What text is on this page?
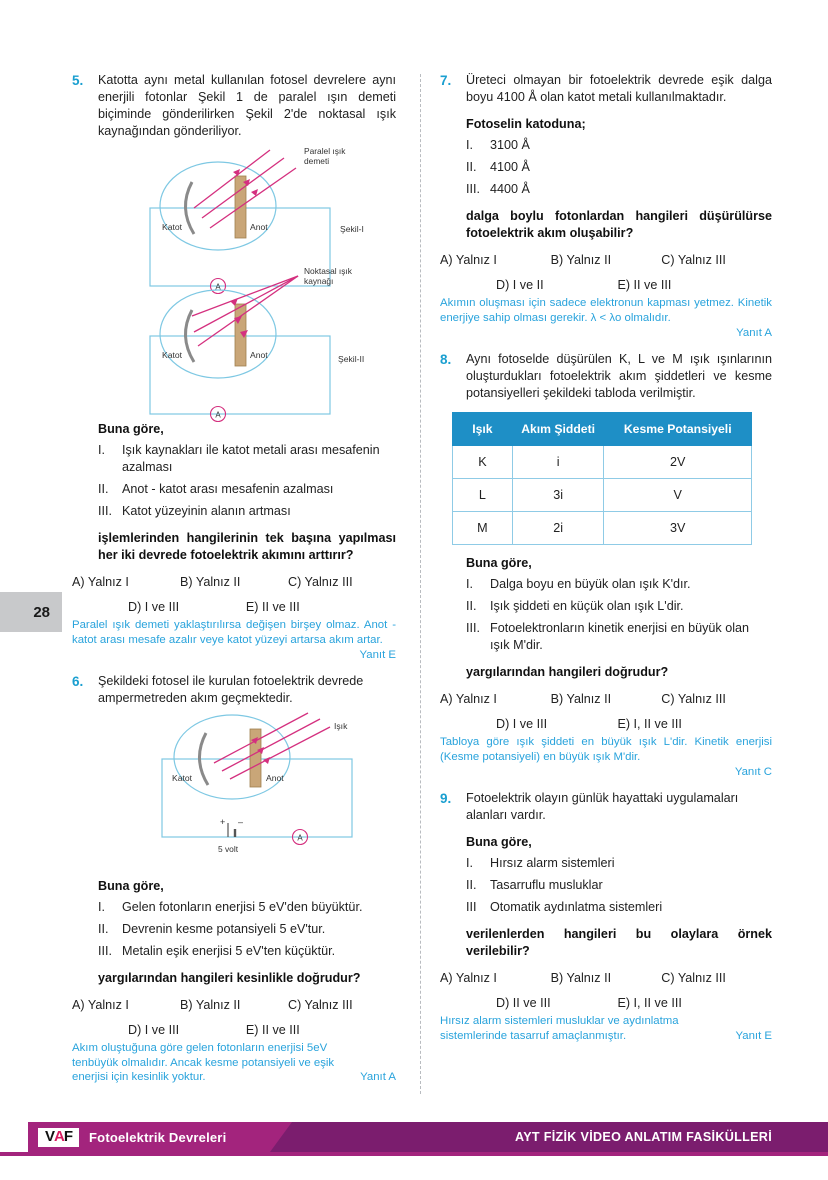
28
5.	Katotta aynı metal kullanılan fotosel devrelere aynı enerjili fotonlar Şekil 1 de paralel ışın demeti biçiminde gönderilirken Şekil 2'de noktasal ışık kaynağından gönderiliyor.
A
Katot	Anot
Paralel ışık
demeti
Şekil-I
A
Katot	Anot
Noktasal ışık
kaynağı
Şekil-II
Buna göre,
I.	Işık kaynakları ile katot metali arası mesafenin azalması
II.	Anot - katot arası mesafenin azalması
III. Katot yüzeyinin alanın artması
işlemlerinden hangilerinin tek başına yapılması her iki devrede fotoelektrik akımını arttırır?
A) Yalnız I	B) Yalnız II	C) Yalnız III
D) I ve III	E) II ve III
Paralel ışık demeti yaklaştırılırsa değişen birşey olmaz. Anot - katot arası mesafe azalır veye katot yüzeyi artarsa akım artar.
Yanıt E
6.	Şekildeki fotosel ile kurulan fotoelektrik devrede ampermetreden akım geçmektedir.
Işık
Katot	Anot
+ –
5 volt
A
Buna göre,
I.	Gelen fotonların enerjisi 5 eV'den büyüktür.
II.	Devrenin kesme potansiyeli 5 eV'tur.
III. Metalin eşik enerjisi 5 eV'ten küçüktür.
yargılarından hangileri kesinlikle doğrudur?
A) Yalnız I	B) Yalnız II	C) Yalnız III
D) I ve III	E) II ve III
Akım oluştuğuna göre gelen fotonların enerjisi 5eV tenbüyük olmalıdır. Ancak kesme potansiyeli ve eşik enerjisi için kesinlik yoktur.	Yanıt A
7.	Üreteci olmayan bir fotoelektrik devrede eşik dalga boyu 4100 Å olan katot metali kullanılmaktadır.
Fotoselin katoduna;
I.	3100 Å
II.	4100 Å
III. 4400 Å
dalga boylu fotonlardan hangileri düşürülürse fotoelektrik akım oluşabilir?
A) Yalnız I	B) Yalnız II	C) Yalnız III
D) I ve II	E) II ve III
Akımın oluşması için sadece elektronun kapması yetmez. Kinetik enerjiye sahip olması gerekir. λ < λo olmalıdır.
Yanıt A
8.	Aynı fotoselde düşürülen K, L ve M ışık ışınlarının oluşturdukları fotoelektrik akım şiddetleri ve kesme potansiyelleri şekildeki tabloda verilmiştir.
Işık	Akım Şiddeti	Kesme Potansiyeli
K	i	2V
L	3i	V
M	2i	3V
Buna göre,
I.	Dalga boyu en büyük olan ışık K'dır.
II.	Işık şiddeti en küçük olan ışık L'dir.
III. Fotoelektronların kinetik enerjisi en büyük olan ışık M'dir.
yargılarından hangileri doğrudur?
A) Yalnız I	B) Yalnız II	C) Yalnız III
D) I ve III	E) I, II ve III
Tabloya göre ışık şiddeti en büyük ışık L'dir. Kinetik enerjisi (Kesme potansiyeli) en büyük ışık M'dir.
Yanıt C
9.	Fotoelektrik olayın günlük hayattaki uygulamaları alanları vardır.
Buna göre,
I.	Hırsız alarm sistemleri
II.	Tasarruflu musluklar
III	Otomatik aydınlatma sistemleri
verilenlerden hangileri bu olaylara örnek verilebilir?
A) Yalnız I	B) Yalnız II	C) Yalnız III
D) II ve III	E) I, II ve III
Hırsız alarm sistemleri musluklar ve aydınlatma sistemlerinde tasarruf amaçlanmıştır.	Yanıt E
AYT FİZİK VİDEO ANLATIM FASİKÜLLERİ
V Α F Fotoelektrik Devreleri
